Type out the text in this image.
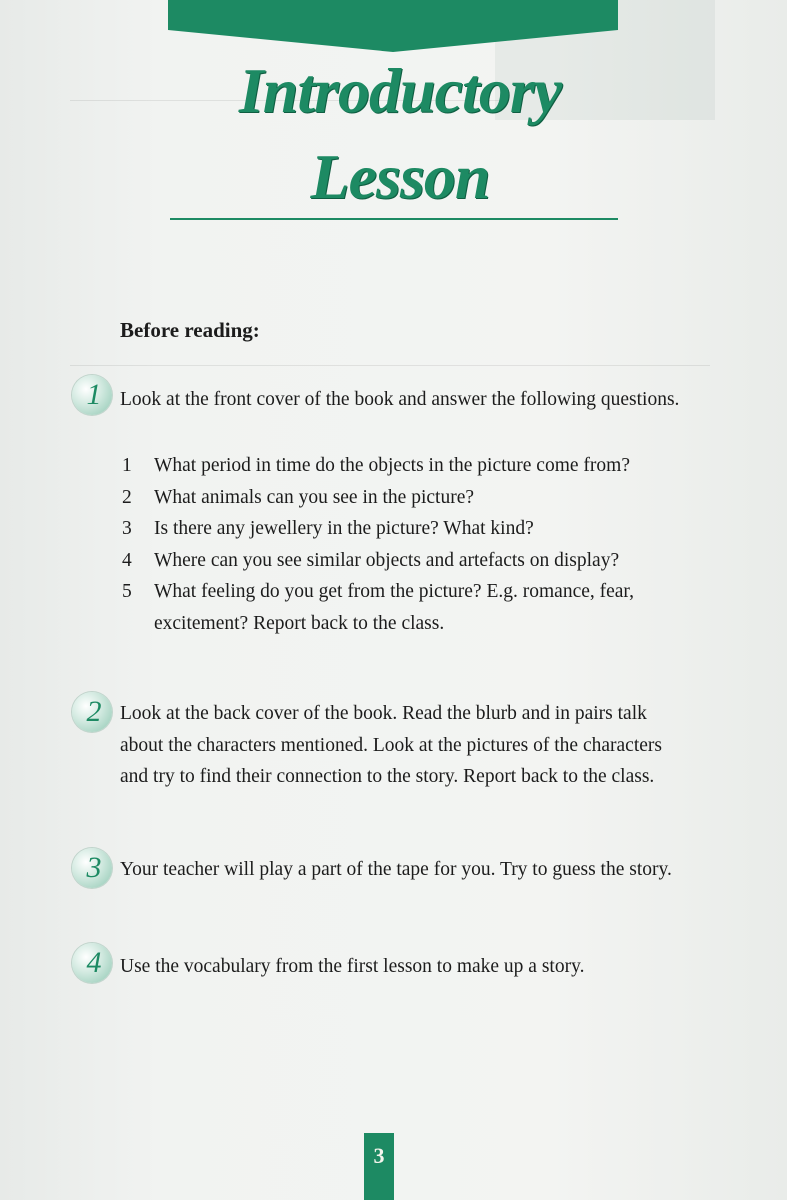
Introductory
Lesson
Before reading:
1 Look at the front cover of the book and answer the following questions.
1 What period in time do the objects in the picture come from?
2 What animals can you see in the picture?
3 Is there any jewellery in the picture? What kind?
4 Where can you see similar objects and artefacts on display?
5 What feeling do you get from the picture? E.g. romance, fear, excitement? Report back to the class.
2 Look at the back cover of the book. Read the blurb and in pairs talk about the characters mentioned. Look at the pictures of the characters and try to find their connection to the story. Report back to the class.
3 Your teacher will play a part of the tape for you. Try to guess the story.
4 Use the vocabulary from the first lesson to make up a story.
3
